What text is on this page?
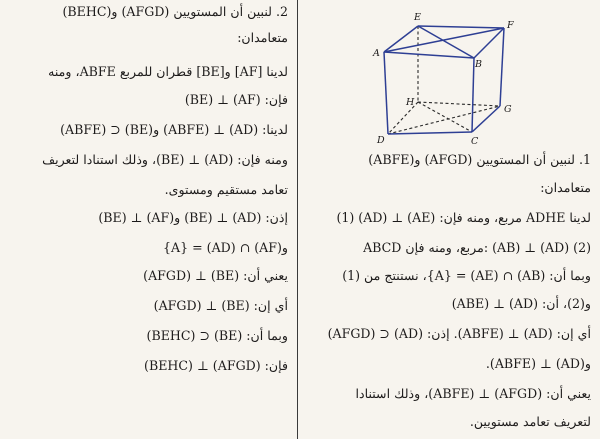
2. لنبين أن المستويين (AFGD) و(BEHC)
متعامدان:
لدينا [AF] و[BE] قطران للمربع ABFE، ومنه
فإن: (AF) ⊥ (BE)
لدينا: (AD) ⊥ (ABFE) و(BE) ⊂ (ABFE)
ومنه فإن: (AD) ⊥ (BE)، وذلك استنادا لتعريف
تعامد مستقيم ومستوى.
إذن: (AD) ⊥ (BE) و(AF) ⊥ (BE)
و(AF) ∩ (AD) = {A}
يعني أن: (BE) ⊥ (AFGD)
أي إن: (BE) ⊥ (AFGD)
وبما أن: (BE) ⊂ (BEHC)
فإن: (AFGD) ⊥ (BEHC)
A
B
C
D
E
F
G
H
1. لنبين أن المستويين (AFGD) و(ABFE)
متعامدان:
لدينا ADHE مربع، ومنه فإن: (AE) ⊥ (AD) (1)
ABCD مربع، ومنه فإن: (AB) ⊥ (AD) (2)
وبما أن: (AB) ∩ (AE) = {A}، نستنتج من (1)
و(2)، أن: (AD) ⊥ (ABE)
أي إن: (AD) ⊥ (ABFE). إذن: (AD) ⊂ (AFGD)
و(AD) ⊥ (ABFE).
يعني أن: (AFGD) ⊥ (ABFE)، وذلك استنادا
لتعريف تعامد مستويين.
